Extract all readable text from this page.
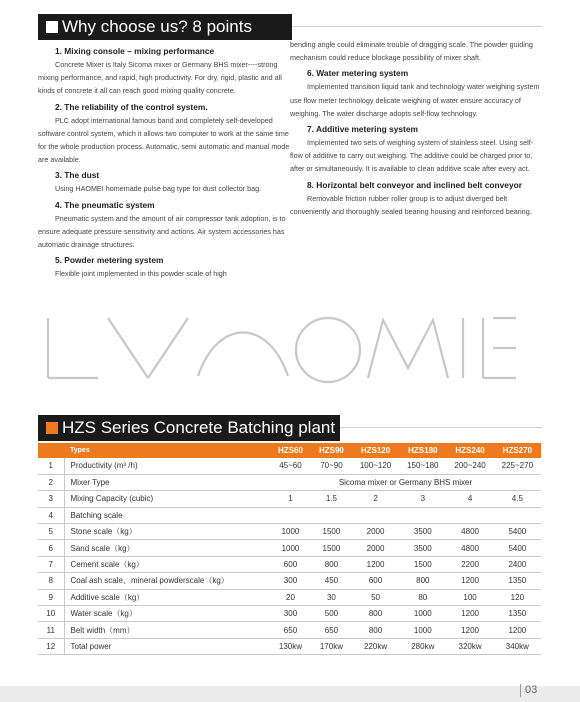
Why choose us? 8 points
1. Mixing console – mixing performance

Concrete Mixer is Italy Sicoma mixer or Germany BHS mixer----strong mixing performance, and rapid, high productivity. For dry, rigid, plastic and all kinds of concrete it all can reach good mixing quality concrete.

2. The reliability of the control system.

PLC adopt international famous band and completely self-developed software control system, which it allows two computer to work at the same time for the whole production process. Automatic, semi automatic and manual mode are available.

3. The dust

Using HAOMEI homemade pulse bag type for dust collector bag.

4. The pneumatic system

Pneumatic system and the amount of air compressor tank adoption, is to ensure adequate pressure sensitivity and actions. Air system accessories has automatic drainage structures.

5. Powder metering system

Flexible joint implemented in this powder scale of high

bending angle could eliminate trouble of dragging scale. The powder guiding mechanism could reduce blockage possibility of mixer shaft.

6. Water metering system

Implemented transition liquid tank and technology water weighing system use flow meter technology delicate weighing of water ensure accuracy of weighing. The water discharge adopts self-flow technology.

7. Additive metering system

Implemented two sets of weighing system of stainless steel. Using self-flow of additive to carry out weighing. The additive could be charged prior to, after or simultaneously. It is available to clean additive scale after every act.

8. Horizontal belt conveyor and inclined belt conveyor

Removable friction rubber roller group is to adjust diverged belt conveniently and thoroughly sealed bearing housing and reinforced bearing.

HZS Series Concrete Batching plant
	Types	HZS60	HZS90	HZS120	HZS180	HZS240	HZS270
1	Productivity (m³ /h)	45~60	70~90	100~120	150~180	200~240	225~270
2	Mixer Type	Sicoma mixer or Germany BHS mixer					
3	Mixing Capacity (cubic)	1	1.5	2	3	4	4.5
4	Batching scale						
5	Stone scale（kg）	1000	1500	2000	3500	4800	5400
6	Sand scale（kg）	1000	1500	2000	3500	4800	5400
7	Cement scale（kg）	600	800	1200	1500	2200	2400
8	Coal ash scale、mineral powderscale（kg）	300	450	600	800	1200	1350
9	Additive scale（kg）	20	30	50	80	100	120
10	Water scale（kg）	300	500	800	1000	1200	1350
11	Belt width（mm）	650	650	800	1000	1200	1200
12	Total power	130kw	170kw	220kw	280kw	320kw	340kw
03
